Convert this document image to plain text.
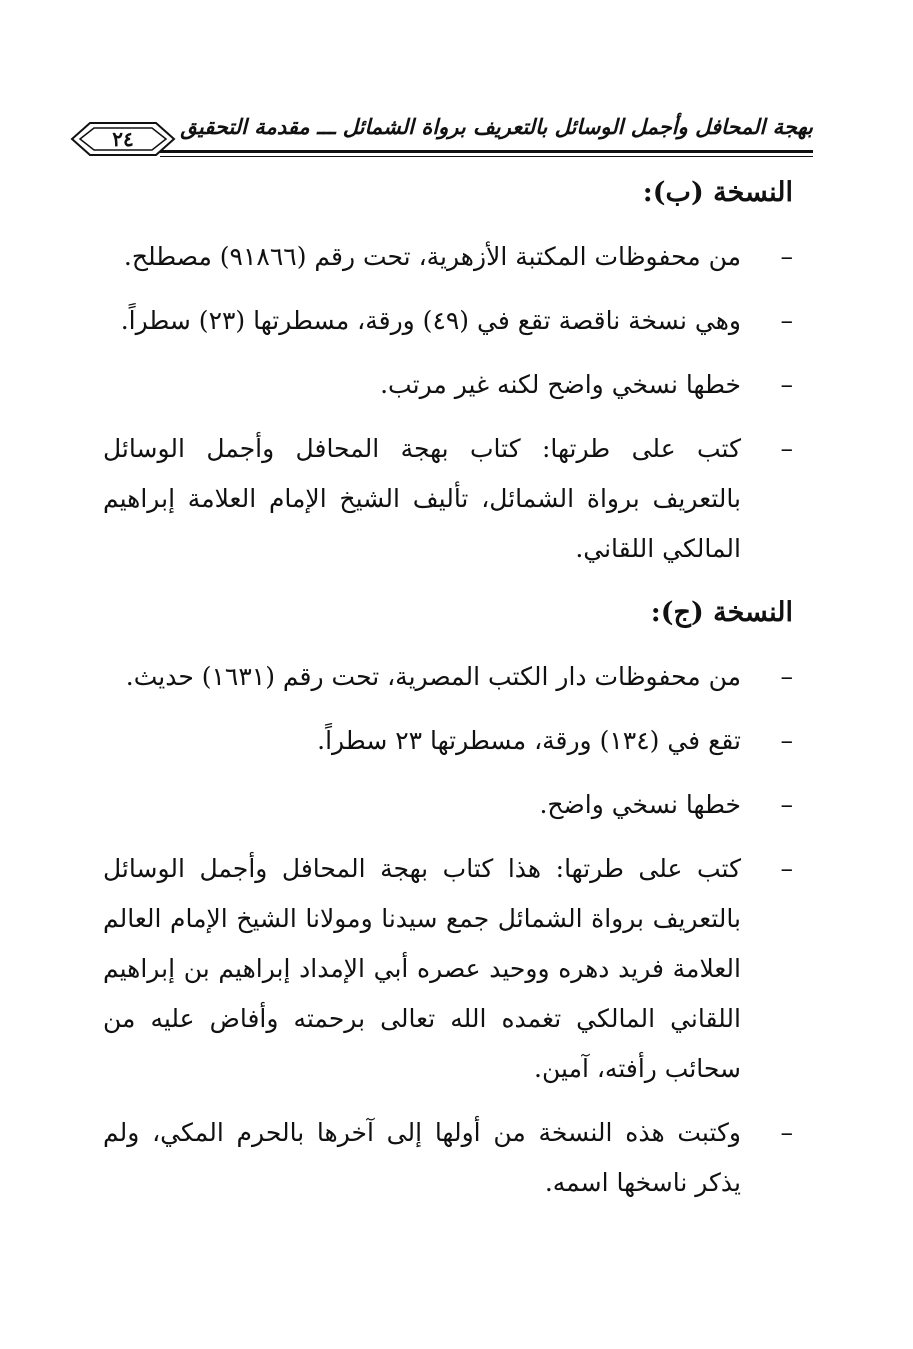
بهجة المحافل وأجمل الوسائل بالتعريف برواة الشمائل ـــ مقدمة التحقيق
٢٤
النسخة (ب):
–
من محفوظات المكتبة الأزهرية، تحت رقم (٩١٨٦٦) مصطلح.
–
وهي نسخة ناقصة تقع في (٤٩) ورقة، مسطرتها (٢٣) سطراً.
–
خطها نسخي واضح لكنه غير مرتب.
–
كتب على طرتها: كتاب بهجة المحافل وأجمل الوسائل بالتعريف برواة الشمائل، تأليف الشيخ الإمام العلامة إبراهيم المالكي اللقاني.
النسخة (ج):
–
من محفوظات دار الكتب المصرية، تحت رقم (١٦٣١) حديث.
–
تقع في (١٣٤) ورقة، مسطرتها ٢٣ سطراً.
–
خطها نسخي واضح.
–
كتب على طرتها: هذا كتاب بهجة المحافل وأجمل الوسائل بالتعريف برواة الشمائل جمع سيدنا ومولانا الشيخ الإمام العالم العلامة فريد دهره ووحيد عصره أبي الإمداد إبراهيم بن إبراهيم اللقاني المالكي تغمده الله تعالى برحمته وأفاض عليه من سحائب رأفته، آمين.
–
وكتبت هذه النسخة من أولها إلى آخرها بالحرم المكي، ولم يذكر ناسخها اسمه.
